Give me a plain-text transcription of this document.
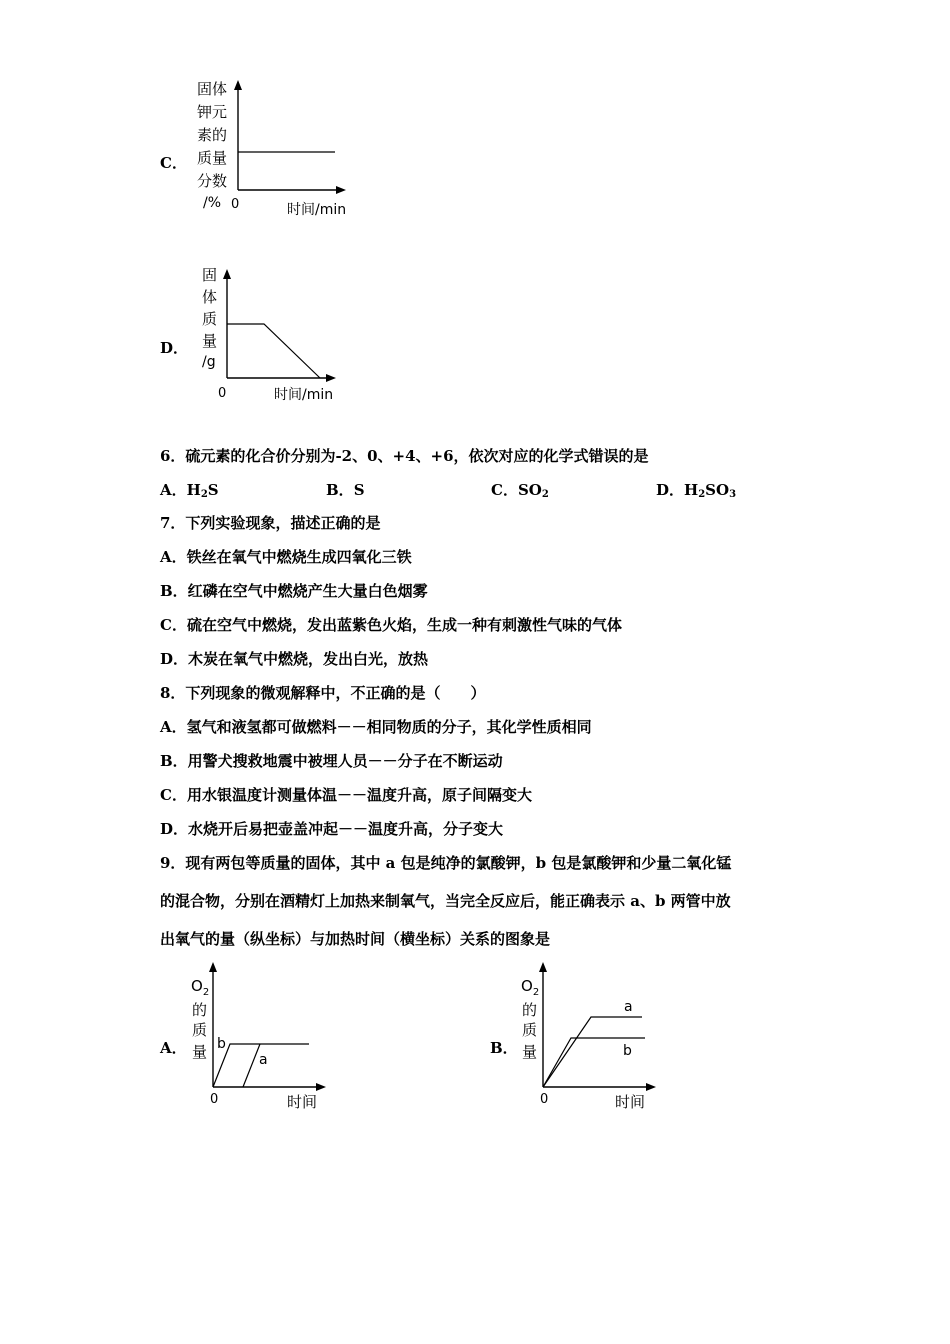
C．
固体
钾元
素的
质量
分数
/% 0	时间/min
D．
固
体
质
量
/g
0	时间/min
6．硫元素的化合价分别为-2、0、+4、+6，依次对应的化学式错误的是
A．$H_2S$	B．S	C．$SO_2$	D．$H_2SO_3$
7．下列实验现象，描述正确的是
A．铁丝在氧气中燃烧生成四氧化三铁
B．红磷在空气中燃烧产生大量白色烟雾
C．硫在空气中燃烧，发出蓝紫色火焰，生成一种有刺激性气味的气体
D．木炭在氧气中燃烧，发出白光，放热
8．下列现象的微观解释中，不正确的是（　　）
A．氢气和液氢都可做燃料－－相同物质的分子，其化学性质相同
B．用警犬搜救地震中被埋人员－－分子在不断运动
C．用水银温度计测量体温－－温度升高，原子间隔变大
D．水烧开后易把壶盖冲起－－温度升高，分子变大
9．现有两包等质量的固体，其中 a 包是纯净的氯酸钾，b 包是氯酸钾和少量二氧化锰
的混合物，分别在酒精灯上加热来制氧气，当完全反应后，能正确表示 a、b 两管中放
出氧气的量（纵坐标）与加热时间（横坐标）关系的图象是
A．
$O_2$
的
质
量 b
a
0	时间
B．
$O_2$
的
质
量
a
b
0	时间
